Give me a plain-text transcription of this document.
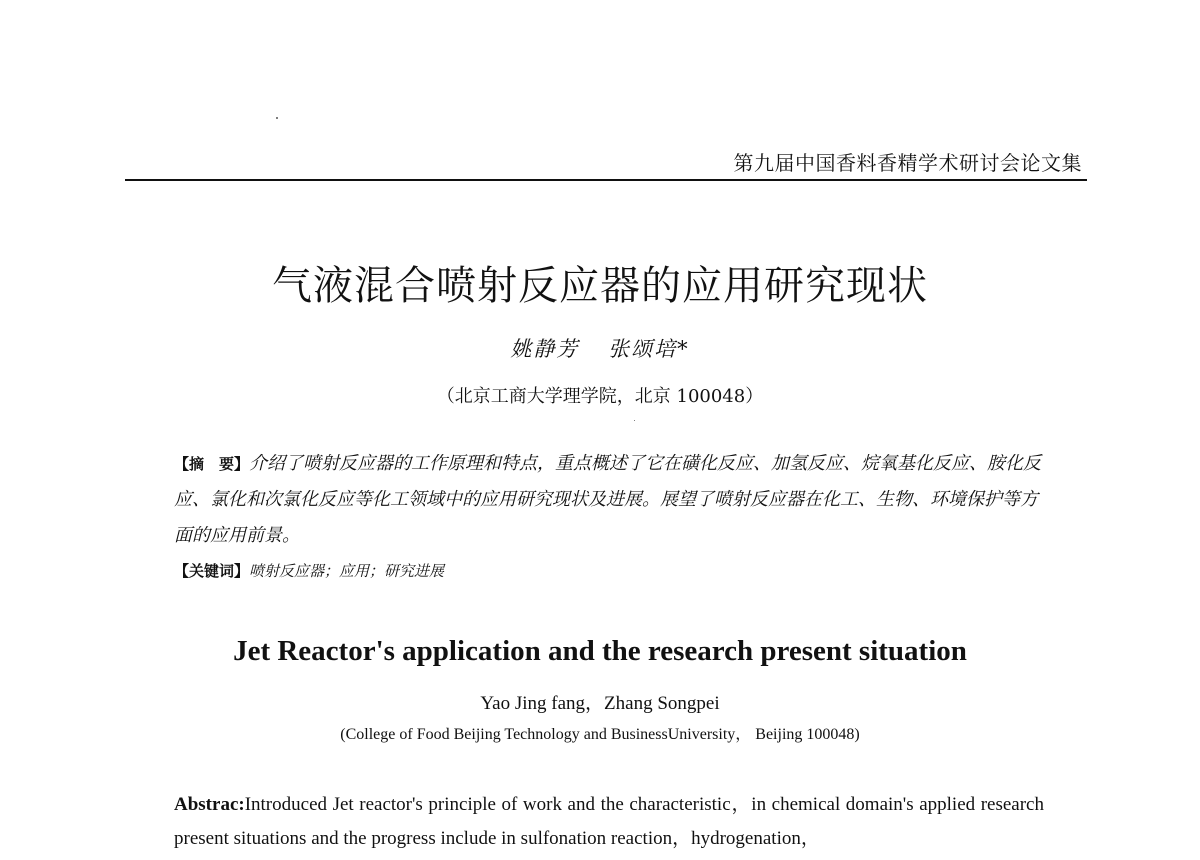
第九届中国香料香精学术研讨会论文集
气液混合喷射反应器的应用研究现状
姚静芳 张颂培*
（北京工商大学理学院，北京 100048）
【摘　要】介绍了喷射反应器的工作原理和特点，重点概述了它在磺化反应、加氢反应、烷氧基化反应、胺化反应、氯化和次氯化反应等化工领域中的应用研究现状及进展。展望了喷射反应器在化工、生物、环境保护等方面的应用前景。
【关键词】喷射反应器；应用；研究进展
Jet Reactor's application and the research present situation
Yao Jing fang，Zhang Songpei
(College of Food Beijing Technology and BusinessUniversity， Beijing 100048)
Abstrac:Introduced Jet reactor's principle of work and the characteristic，in chemical domain's applied research present situations and the progress include in sulfonation reaction，hydrogenation，
